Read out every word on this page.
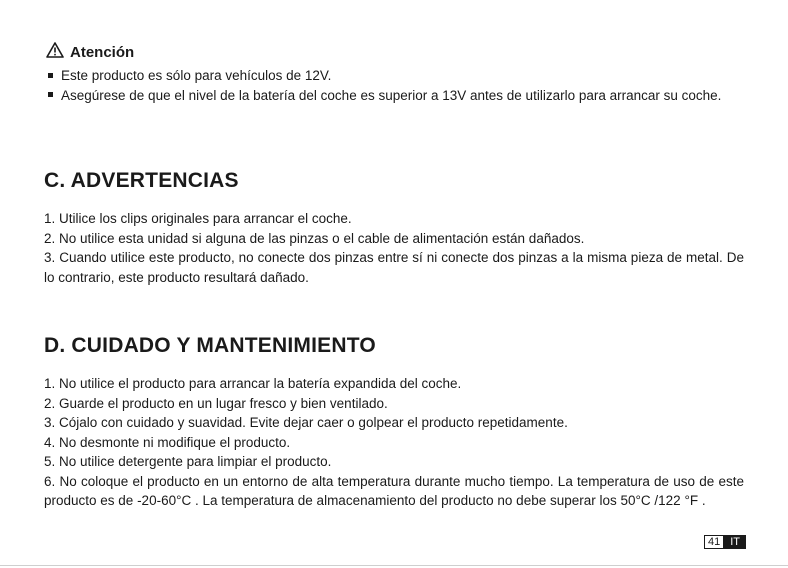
Atención

Este producto es sólo para vehículos de 12V.

Asegúrese de que el nivel de la batería del coche es superior a 13V antes de utilizarlo para arrancar su coche.

C. ADVERTENCIAS

1. Utilice los clips originales para arrancar el coche.

2. No utilice esta unidad si alguna de las pinzas o el cable de alimentación están dañados.

3. Cuando utilice este producto, no conecte dos pinzas entre sí ni conecte dos pinzas a la misma pieza de metal. De lo contrario, este producto resultará dañado.

D. CUIDADO Y MANTENIMIENTO

1. No utilice el producto para arrancar la batería expandida del coche.

2. Guarde el producto en un lugar fresco y bien ventilado.

3. Cójalo con cuidado y suavidad. Evite dejar caer o golpear el producto repetidamente.

4. No desmonte ni modifique el producto.

5. No utilice detergente para limpiar el producto.

6. No coloque el producto en un entorno de alta temperatura durante mucho tiempo. La temperatura de uso de este producto es de -20-60°C . La temperatura de almacenamiento del producto no debe superar los 50°C /122 °F .

41 IT
